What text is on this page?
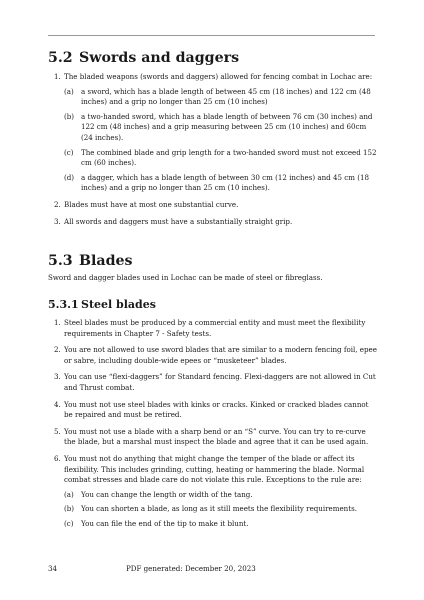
5.2 Swords and daggers
1. The bladed weapons (swords and daggers) allowed for fencing combat in Lochac are:
(a) a sword, which has a blade length of between 45 cm (18 inches) and 122 cm (48 inches) and a grip no longer than 25 cm (10 inches)
(b) a two-handed sword, which has a blade length of between 76 cm (30 inches) and 122 cm (48 inches) and a grip measuring between 25 cm (10 inches) and 60cm (24 inches).
(c) The combined blade and grip length for a two-handed sword must not exceed 152 cm (60 inches).
(d) a dagger, which has a blade length of between 30 cm (12 inches) and 45 cm (18 inches) and a grip no longer than 25 cm (10 inches).
2. Blades must have at most one substantial curve.
3. All swords and daggers must have a substantially straight grip.
5.3 Blades
Sword and dagger blades used in Lochac can be made of steel or fibreglass.
5.3.1 Steel blades
1. Steel blades must be produced by a commercial entity and must meet the flexibility requirements in Chapter 7 - Safety tests.
2. You are not allowed to use sword blades that are similar to a modern fencing foil, epee or sabre, including double-wide epees or “musketeer” blades.
3. You can use “flexi-daggers” for Standard fencing. Flexi-daggers are not allowed in Cut and Thrust combat.
4. You must not use steel blades with kinks or cracks. Kinked or cracked blades cannot be repaired and must be retired.
5. You must not use a blade with a sharp bend or an “S” curve. You can try to re-curve the blade, but a marshal must inspect the blade and agree that it can be used again.
6. You must not do anything that might change the temper of the blade or affect its flexibility. This includes grinding, cutting, heating or hammering the blade. Normal combat stresses and blade care do not violate this rule. Exceptions to the rule are:
(a) You can change the length or width of the tang.
(b) You can shorten a blade, as long as it still meets the flexibility requirements.
(c) You can file the end of the tip to make it blunt.
34	PDF generated: December 20, 2023
